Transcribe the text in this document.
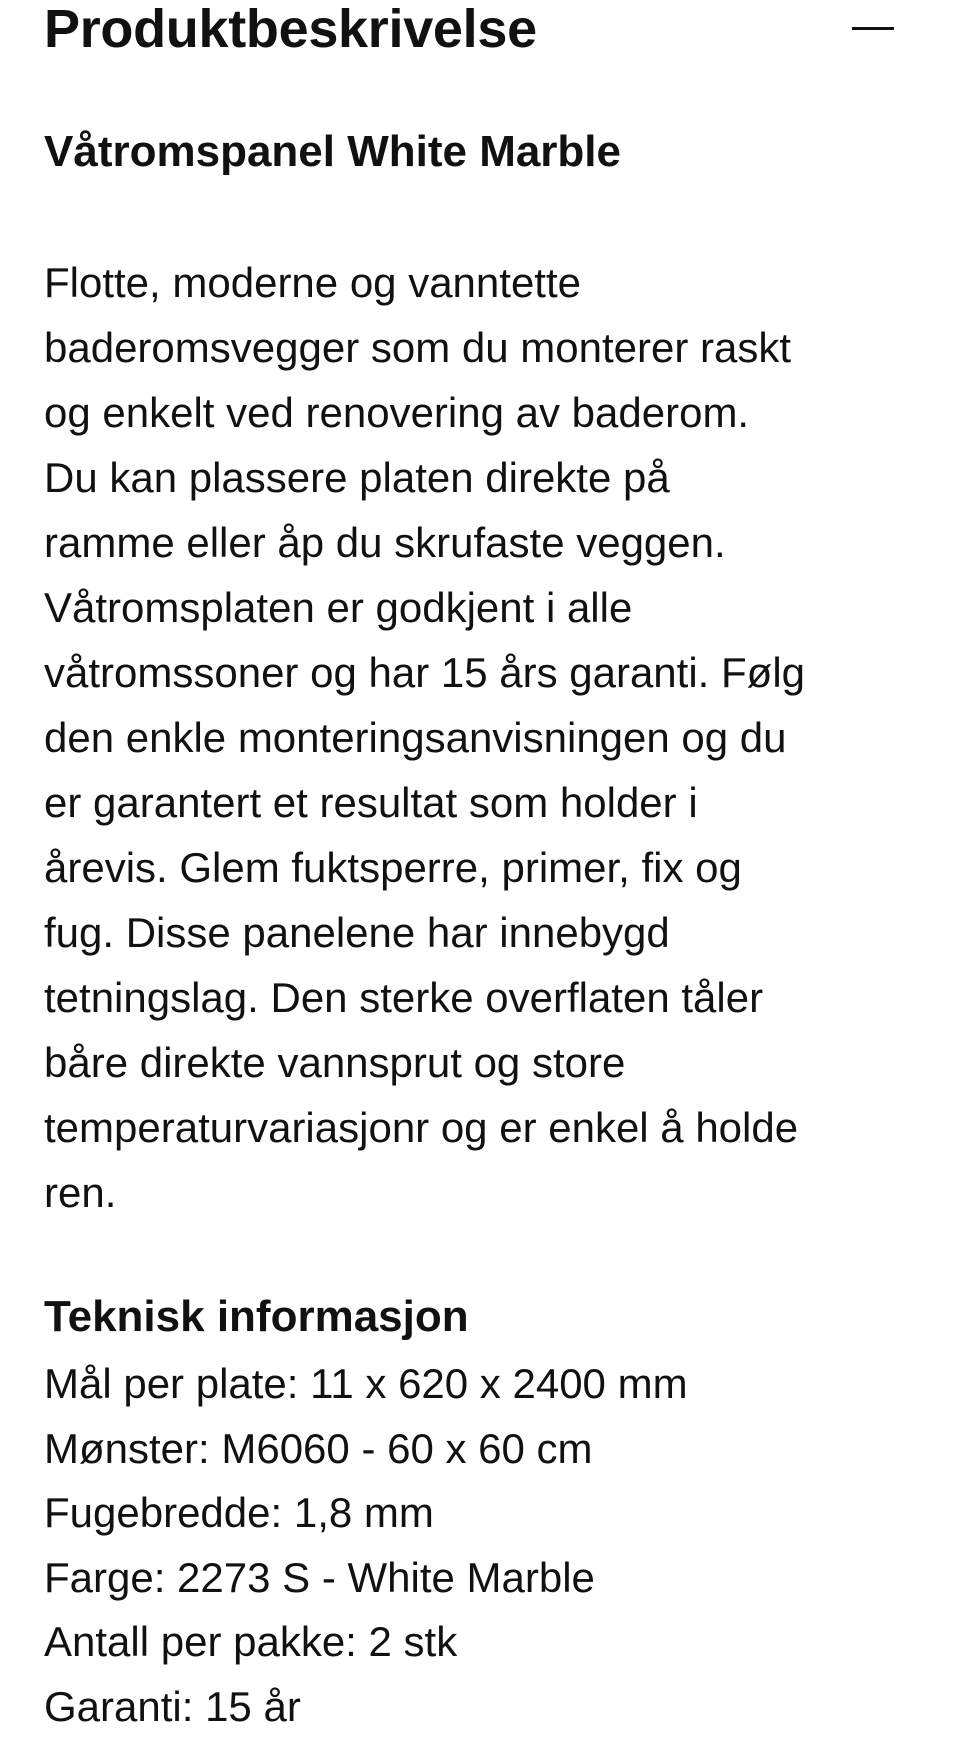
Produktbeskrivelse
Våtromspanel White Marble

Flotte, moderne og vanntette
baderomsvegger som du monterer raskt
og enkelt ved renovering av baderom.
Du kan plassere platen direkte på
ramme eller åp du skrufaste veggen.
Våtromsplaten er godkjent i alle
våtromssoner og har 15 års garanti. Følg
den enkle monteringsanvisningen og du
er garantert et resultat som holder i
årevis. Glem fuktsperre, primer, fix og
fug. Disse panelene har innebygd
tetningslag. Den sterke overflaten tåler
båre direkte vannsprut og store
temperaturvariasjonr og er enkel å holde
ren.

Teknisk informasjon
Mål per plate: 11 x 620 x 2400 mm
Mønster: M6060 - 60 x 60 cm
Fugebredde: 1,8 mm
Farge: 2273 S - White Marble
Antall per pakke: 2 stk
Garanti: 15 år
